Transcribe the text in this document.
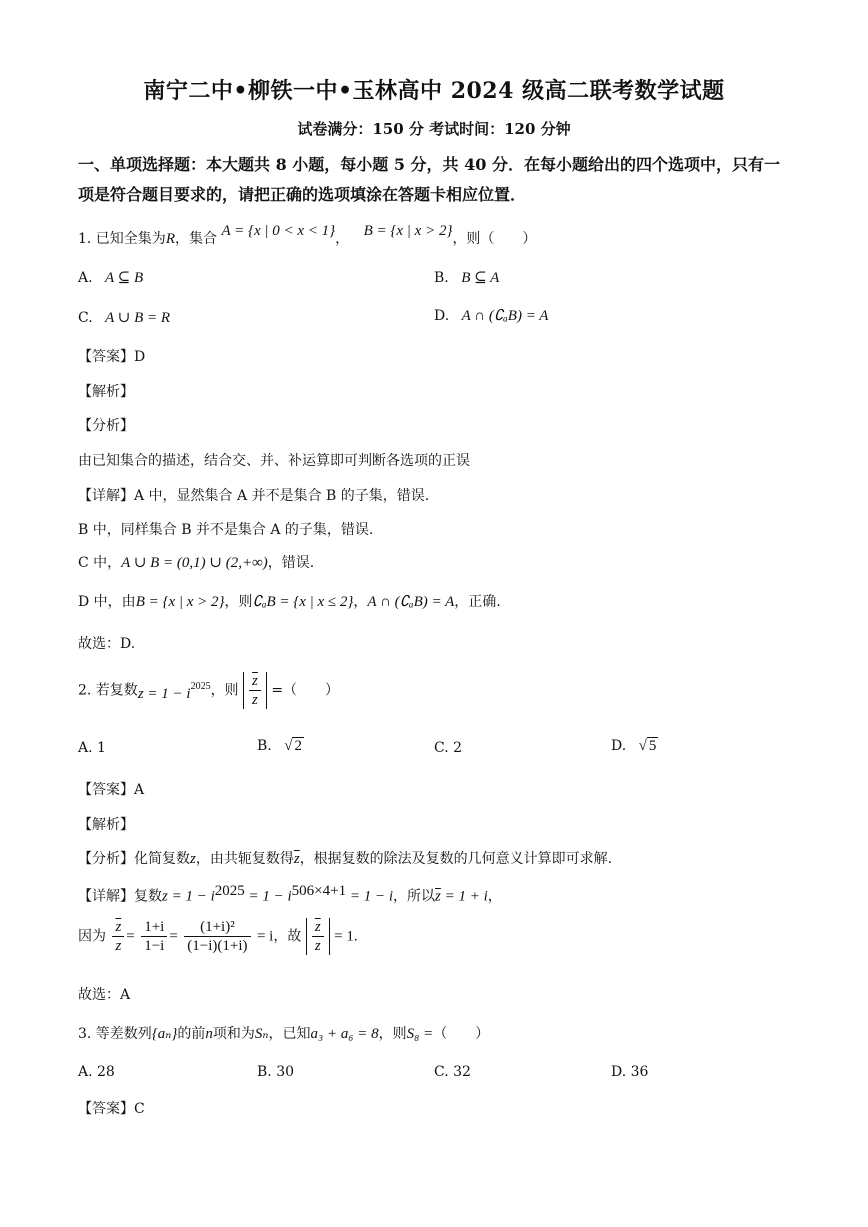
南宁二中•柳铁一中•玉林高中 2024 级高二联考数学试题
试卷满分：150 分 考试时间：120 分钟
一、单项选择题：本大题共 8 小题，每小题 5 分，共 40 分．在每小题给出的四个选项中，只有一项是符合题目要求的，请把正确的选项填涂在答题卡相应位置．
1. 已知全集为R，集合 A = {x | 0 < x < 1}， B = {x | x > 2}，则（　　）
A. A ⊆ B	B. B ⊆ A
C. A ∪ B = R	D. A ∩ (∁ₐB) = A
【答案】D
【解析】
【分析】
由已知集合的描述，结合交、并、补运算即可判断各选项的正误
【详解】A 中，显然集合 A 并不是集合 B 的子集，错误.
B 中，同样集合 B 并不是集合 A 的子集，错误.
C 中，A ∪ B = (0,1) ∪ (2,+∞)，错误.
D 中，由B = {x | x > 2}，则∁ₐB = {x | x ≤ 2}，A ∩ (∁ₐB) = A，正确.
故选：D.
2. 若复数$z = 1 - i^{2025}$，则 $\frac{\overline{z}}{z}$ =（　　）
A. 1	B. √ 2	C. 2	D. √ 5
【答案】A
【解析】
【分析】化简复数z，由共轭复数得$\overline{z}$，根据复数的除法及复数的几何意义计算即可求解.
【详解】复数$z = 1 - i^{2025} = 1 - i^{506\times 4+1} = 1 - i$，所以$\overline{z} = 1 + i$，
因为 $\frac{\overline{z}}{z} = \frac{1+i}{1-i} = \frac{\text{(1+i)²}}{(1-i)(1+i)} = i$，故 $\frac{\overline{z}}{z} = 1$.
故选：A
3. 等差数列{aₙ}的前n项和为Sₙ，已知a₃ + a₆ = 8，则S₈ =（　　）
A. 28	B. 30	C. 32	D. 36
【答案】C
